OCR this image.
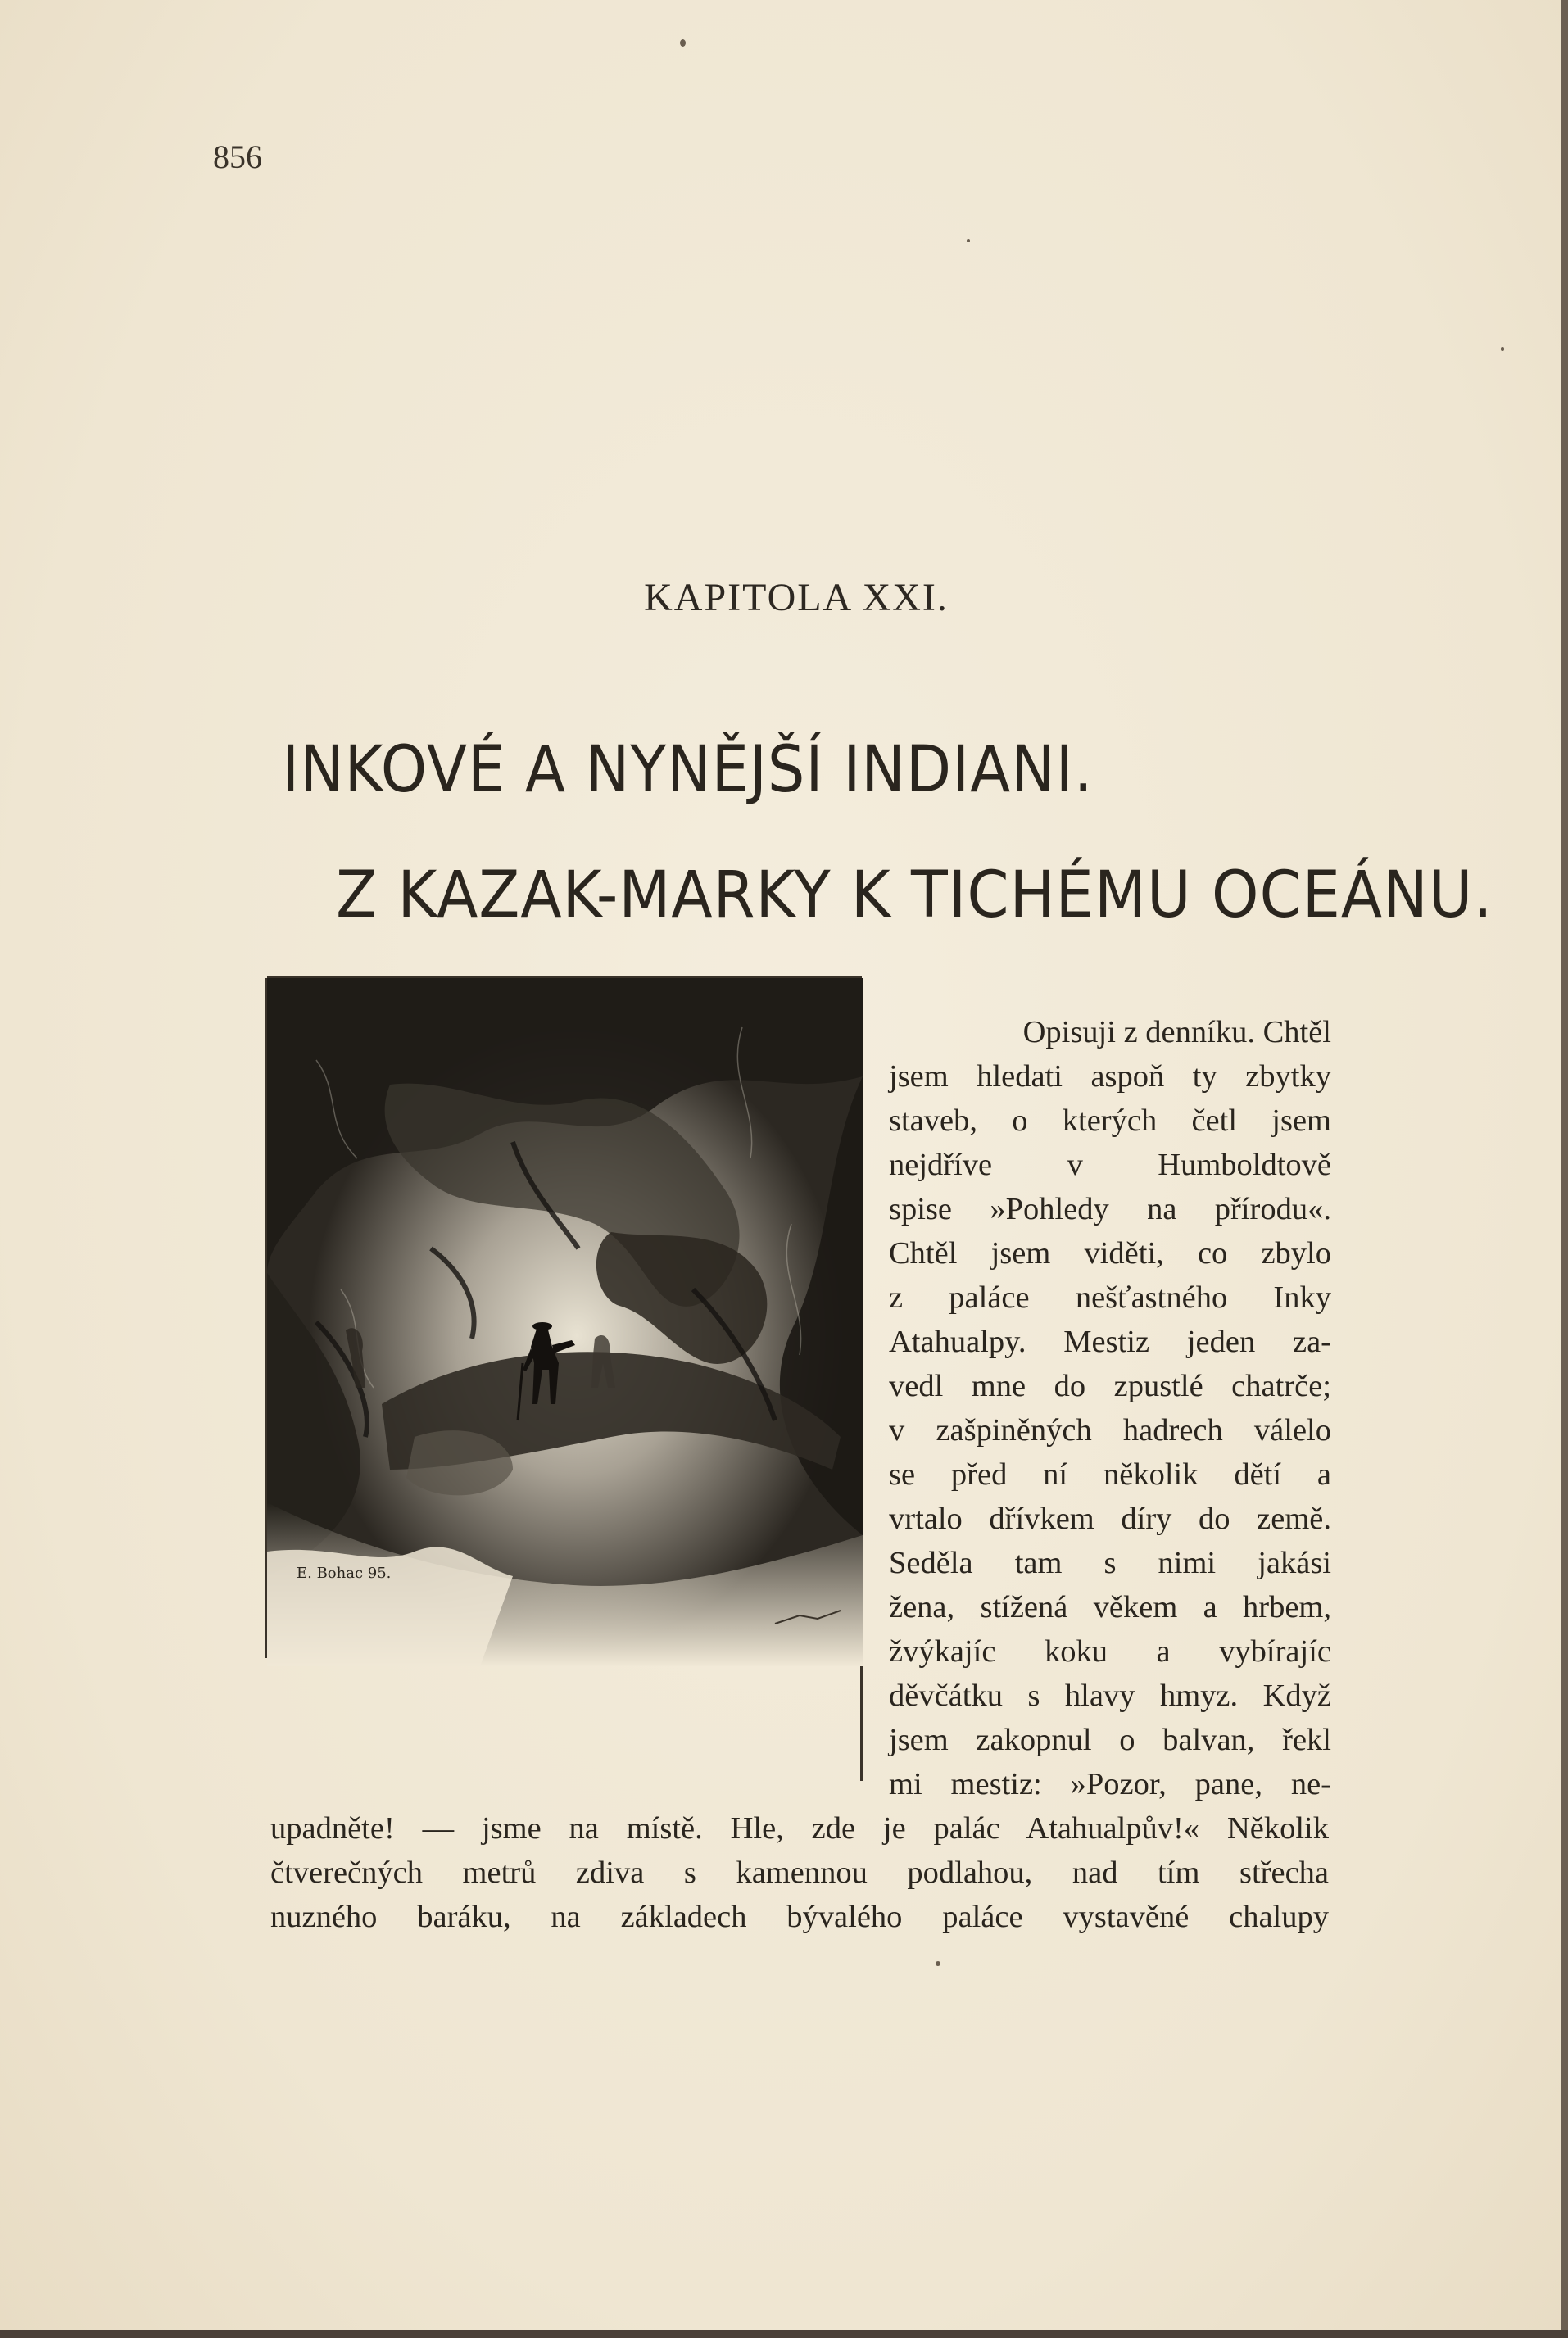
856
KAPITOLA XXI.
INKOVÉ A NYNĚJŠÍ INDIANI.
Z KAZAK-MARKY K TICHÉMU OCEÁNU.
E. Bohac 95.
Opisuji z denníku. Chtěl
jsem hledati aspoň ty zbytky
staveb, o kterých četl jsem
nejdříve v Humboldtově
spise »Pohledy na přírodu«.
Chtěl jsem viděti, co zbylo
z paláce nešťastného Inky
Atahualpy. Mestiz jeden za-
vedl mne do zpustlé chatrče;
v zašpiněných hadrech válelo
se před ní několik dětí a
vrtalo dřívkem díry do země.
Seděla tam s nimi jakási
žena, stížená věkem a hrbem,
žvýkajíc koku a vybírajíc
děvčátku s hlavy hmyz. Když
jsem zakopnul o balvan, řekl
mi mestiz: »Pozor, pane, ne-
upadněte! — jsme na místě. Hle, zde je palác Atahualpův!« Několik
čtverečných metrů zdiva s kamennou podlahou, nad tím střecha
nuzného baráku, na základech bývalého paláce vystavěné chalupy
